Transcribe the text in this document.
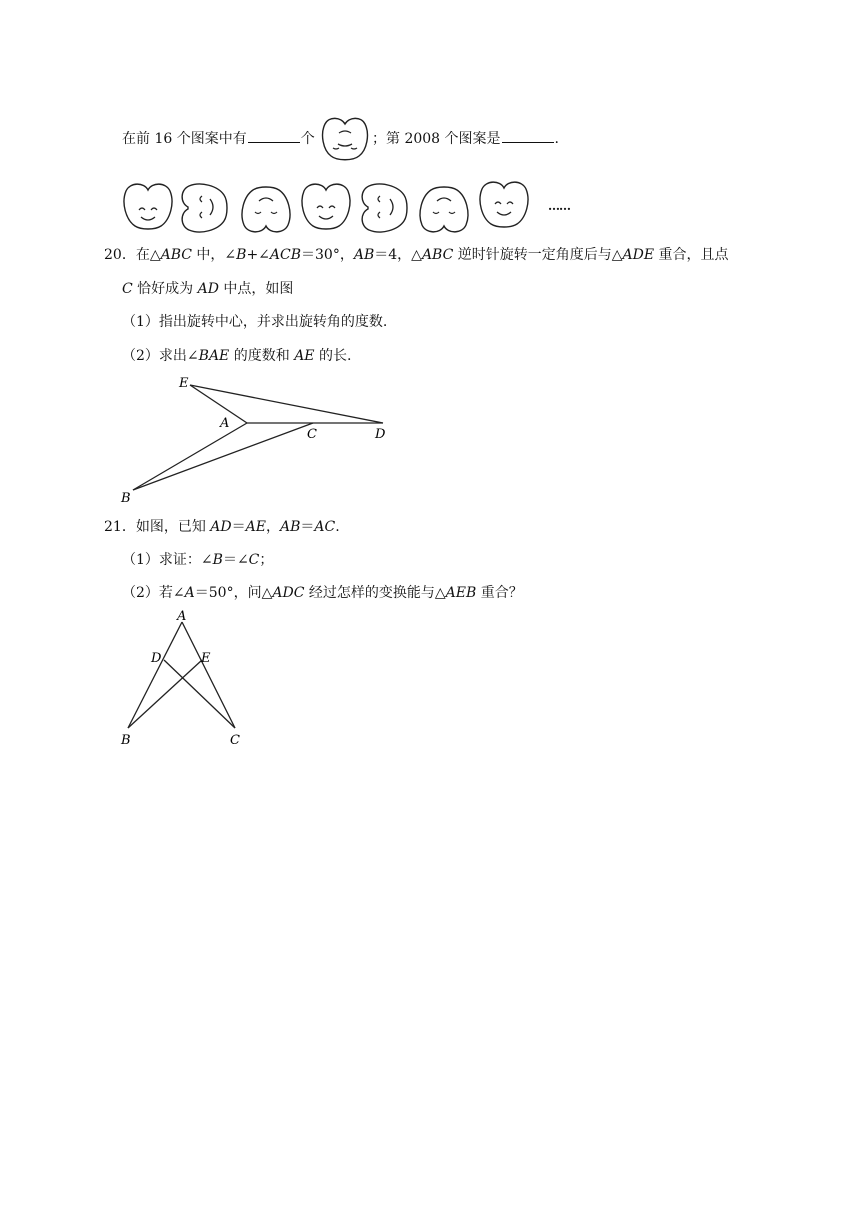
在前 16 个图案中有	个	；第 2008 个图案是	.
……
20．在△ABC 中，∠B+∠ACB＝30°，AB＝4，△ABC 逆时针旋转一定角度后与△ADE 重合，且点
C 恰好成为 AD 中点，如图
（1）指出旋转中心，并求出旋转角的度数.
（2）求出∠BAE 的度数和 AE 的长.
E
A
C	D
B
21．如图，已知 AD＝AE，AB＝AC.
（1）求证：∠B＝∠C；
（2）若∠A＝50°，问△ADC 经过怎样的变换能与△AEB 重合？
A
D	E
B	C
